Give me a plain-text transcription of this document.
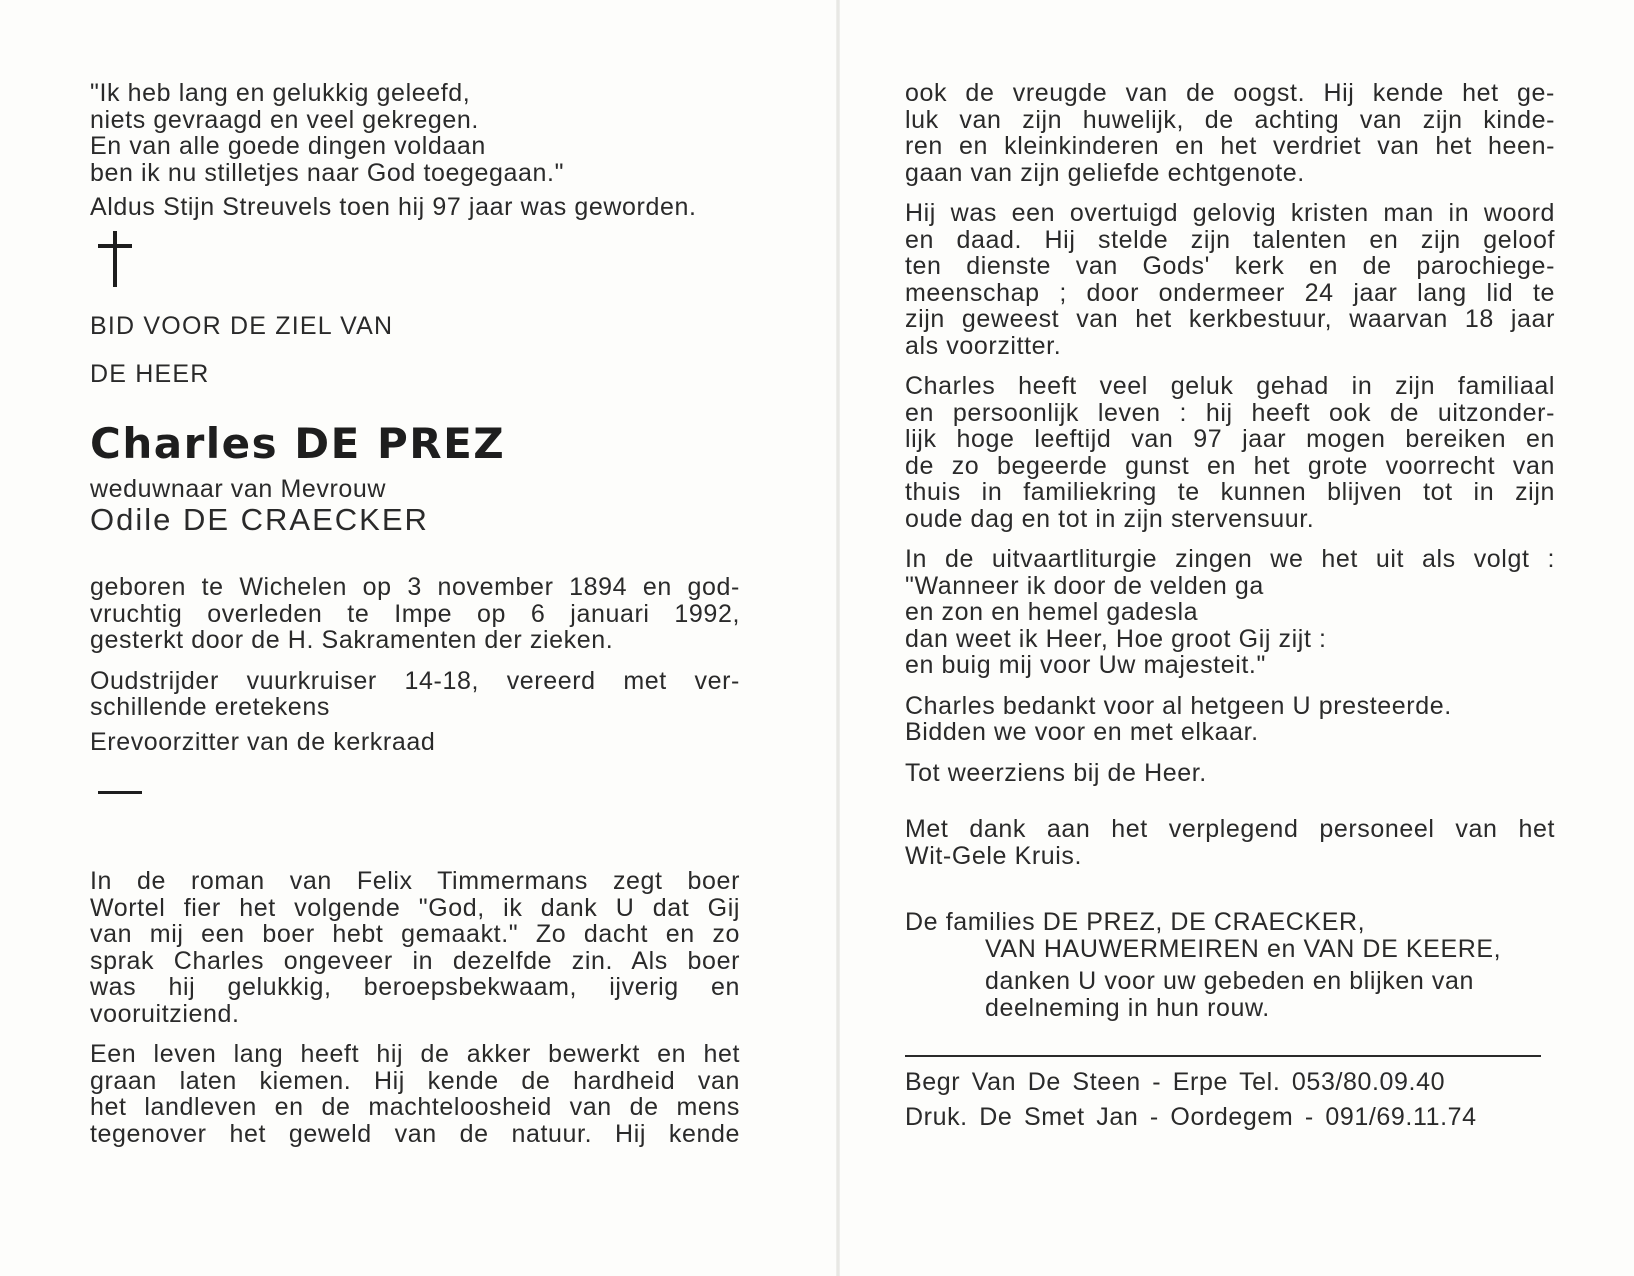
"Ik heb lang en gelukkig geleefd,
niets gevraagd en veel gekregen.
En van alle goede dingen voldaan
ben ik nu stilletjes naar God toegegaan."
Aldus Stijn Streuvels toen hij 97 jaar was geworden.
BID VOOR DE ZIEL VAN
DE HEER
Charles DE PREZ
weduwnaar van Mevrouw
Odile DE CRAECKER
geboren te Wichelen op 3 november 1894 en god-
vruchtig overleden te Impe op 6 januari 1992,
gesterkt door de H. Sakramenten der zieken.
Oudstrijder vuurkruiser 14-18, vereerd met ver-
schillende eretekens
Erevoorzitter van de kerkraad
In de roman van Felix Timmermans zegt boer
Wortel fier het volgende "God, ik dank U dat Gij
van mij een boer hebt gemaakt." Zo dacht en zo
sprak Charles ongeveer in dezelfde zin. Als boer
was hij gelukkig, beroepsbekwaam, ijverig en
vooruitziend.
Een leven lang heeft hij de akker bewerkt en het
graan laten kiemen. Hij kende de hardheid van
het landleven en de machteloosheid van de mens
tegenover het geweld van de natuur. Hij kende
ook de vreugde van de oogst. Hij kende het ge-
luk van zijn huwelijk, de achting van zijn kinde-
ren en kleinkinderen en het verdriet van het heen-
gaan van zijn geliefde echtgenote.
Hij was een overtuigd gelovig kristen man in woord
en daad. Hij stelde zijn talenten en zijn geloof
ten dienste van Gods' kerk en de parochiege-
meenschap ; door ondermeer 24 jaar lang lid te
zijn geweest van het kerkbestuur, waarvan 18 jaar
als voorzitter.
Charles heeft veel geluk gehad in zijn familiaal
en persoonlijk leven : hij heeft ook de uitzonder-
lijk hoge leeftijd van 97 jaar mogen bereiken en
de zo begeerde gunst en het grote voorrecht van
thuis in familiekring te kunnen blijven tot in zijn
oude dag en tot in zijn stervensuur.
In de uitvaartliturgie zingen we het uit als volgt :
"Wanneer ik door de velden ga
en zon en hemel gadesla
dan weet ik Heer, Hoe groot Gij zijt :
en buig mij voor Uw majesteit."
Charles bedankt voor al hetgeen U presteerde.
Bidden we voor en met elkaar.
Tot weerziens bij de Heer.
Met dank aan het verplegend personeel van het
Wit-Gele Kruis.
De families DE PREZ, DE CRAECKER,
VAN HAUWERMEIREN en VAN DE KEERE,
danken U voor uw gebeden en blijken van
deelneming in hun rouw.
Begr Van De Steen - Erpe Tel. 053/80.09.40
Druk. De Smet Jan - Oordegem - 091/69.11.74
